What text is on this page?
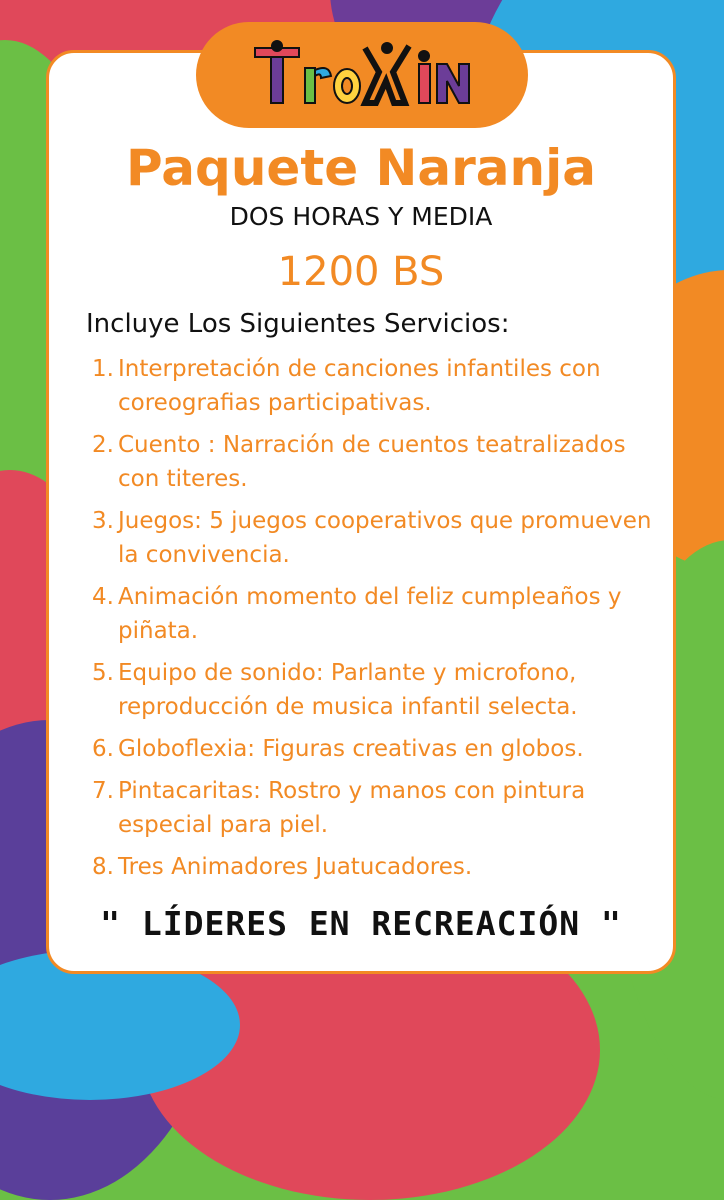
Paquete Naranja
DOS HORAS Y MEDIA
1200 BS
Incluye Los Siguientes Servicios:
1. Interpretación de canciones infantiles con coreografias participativas.
2. Cuento : Narración de cuentos teatralizados con titeres.
3. Juegos: 5 juegos cooperativos que promueven la convivencia.
4. Animación momento del feliz cumpleaños y piñata.
5. Equipo de sonido: Parlante y microfono, reproducción de musica infantil selecta.
6. Globoflexia: Figuras creativas en globos.
7. Pintacaritas: Rostro y manos con pintura especial para piel.
8. Tres Animadores Juatucadores.
" LÍDERES EN RECREACIÓN "
